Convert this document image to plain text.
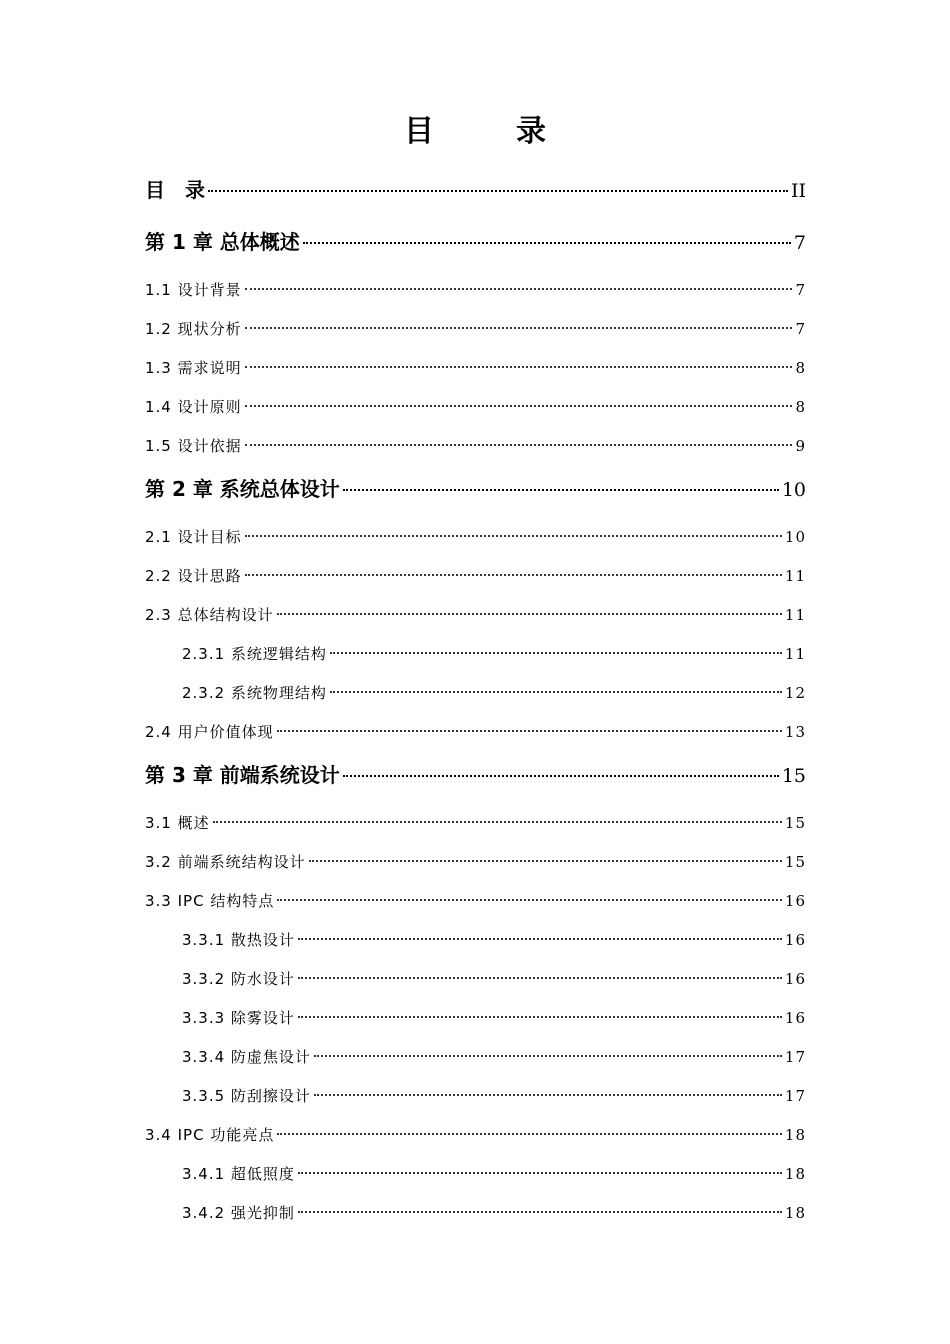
目　录
目　录	II
第 1 章 总体概述	7
1.1 设计背景	7
1.2 现状分析	7
1.3 需求说明	8
1.4 设计原则	8
1.5 设计依据	9
第 2 章 系统总体设计	10
2.1 设计目标	10
2.2 设计思路	11
2.3 总体结构设计	11
2.3.1 系统逻辑结构	11
2.3.2 系统物理结构	12
2.4 用户价值体现	13
第 3 章 前端系统设计	15
3.1 概述	15
3.2 前端系统结构设计	15
3.3 IPC 结构特点	16
3.3.1 散热设计	16
3.3.2 防水设计	16
3.3.3 除雾设计	16
3.3.4 防虚焦设计	17
3.3.5 防刮擦设计	17
3.4 IPC 功能亮点	18
3.4.1 超低照度	18
3.4.2 强光抑制	18
